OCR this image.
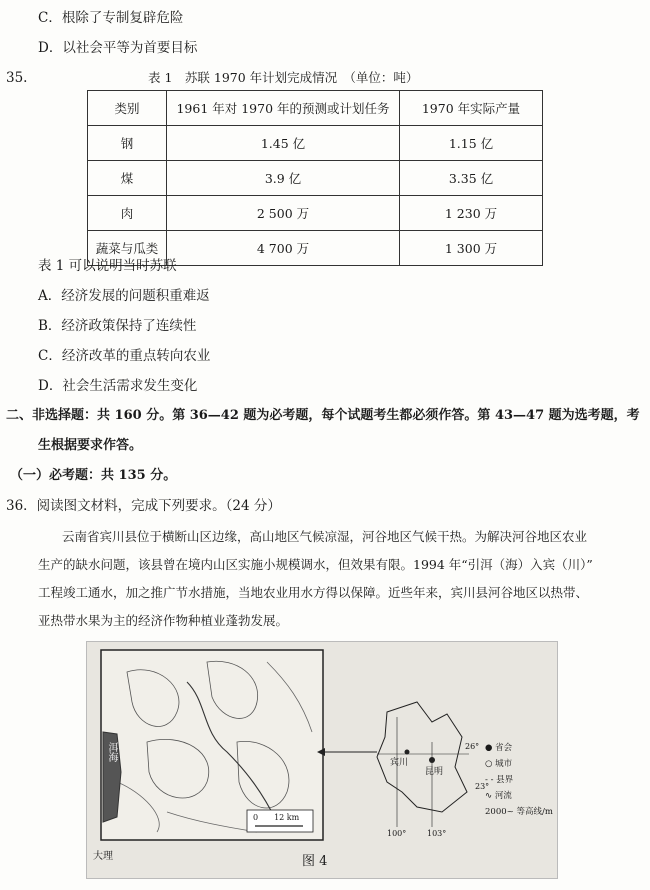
C．根除了专制复辟危险
D．以社会平等为首要目标
35.	表 1　苏联 1970 年计划完成情况　（单位：吨）
类别	1961 年对 1970 年的预测或计划任务	1970 年实际产量
钢	1.45 亿	1.15 亿
煤	3.9 亿	3.35 亿
肉	2 500 万	1 230 万
蔬菜与瓜类	4 700 万	1 300 万
表 1 可以说明当时苏联
A．经济发展的问题积重难返
B．经济政策保持了连续性
C．经济改革的重点转向农业
D．社会生活需求发生变化
二、非选择题：共 160 分。第 36—42 题为必考题，每个试题考生都必须作答。第 43—47 题为选考题，考
生根据要求作答。
（一）必考题：共 135 分。
36．阅读图文材料，完成下列要求。（24 分）
云南省宾川县位于横断山区边缘，高山地区气候凉湿，河谷地区气候干热。为解决河谷地区农业
生产的缺水问题，该县曾在境内山区实施小规模调水，但效果有限。1994 年“引洱（海）入宾（川）”
工程竣工通水，加之推广节水措施，当地农业用水方得以保障。近些年来，宾川县河谷地区以热带、
亚热带水果为主的经济作物种植业蓬勃发展。
大理
洱海
0　　12 km
宾川
昆明
26°
23°
100°	103°
● 省会
○ 城市
- - 县界
∿ 河流
2000~ 等高线/m
图 4
